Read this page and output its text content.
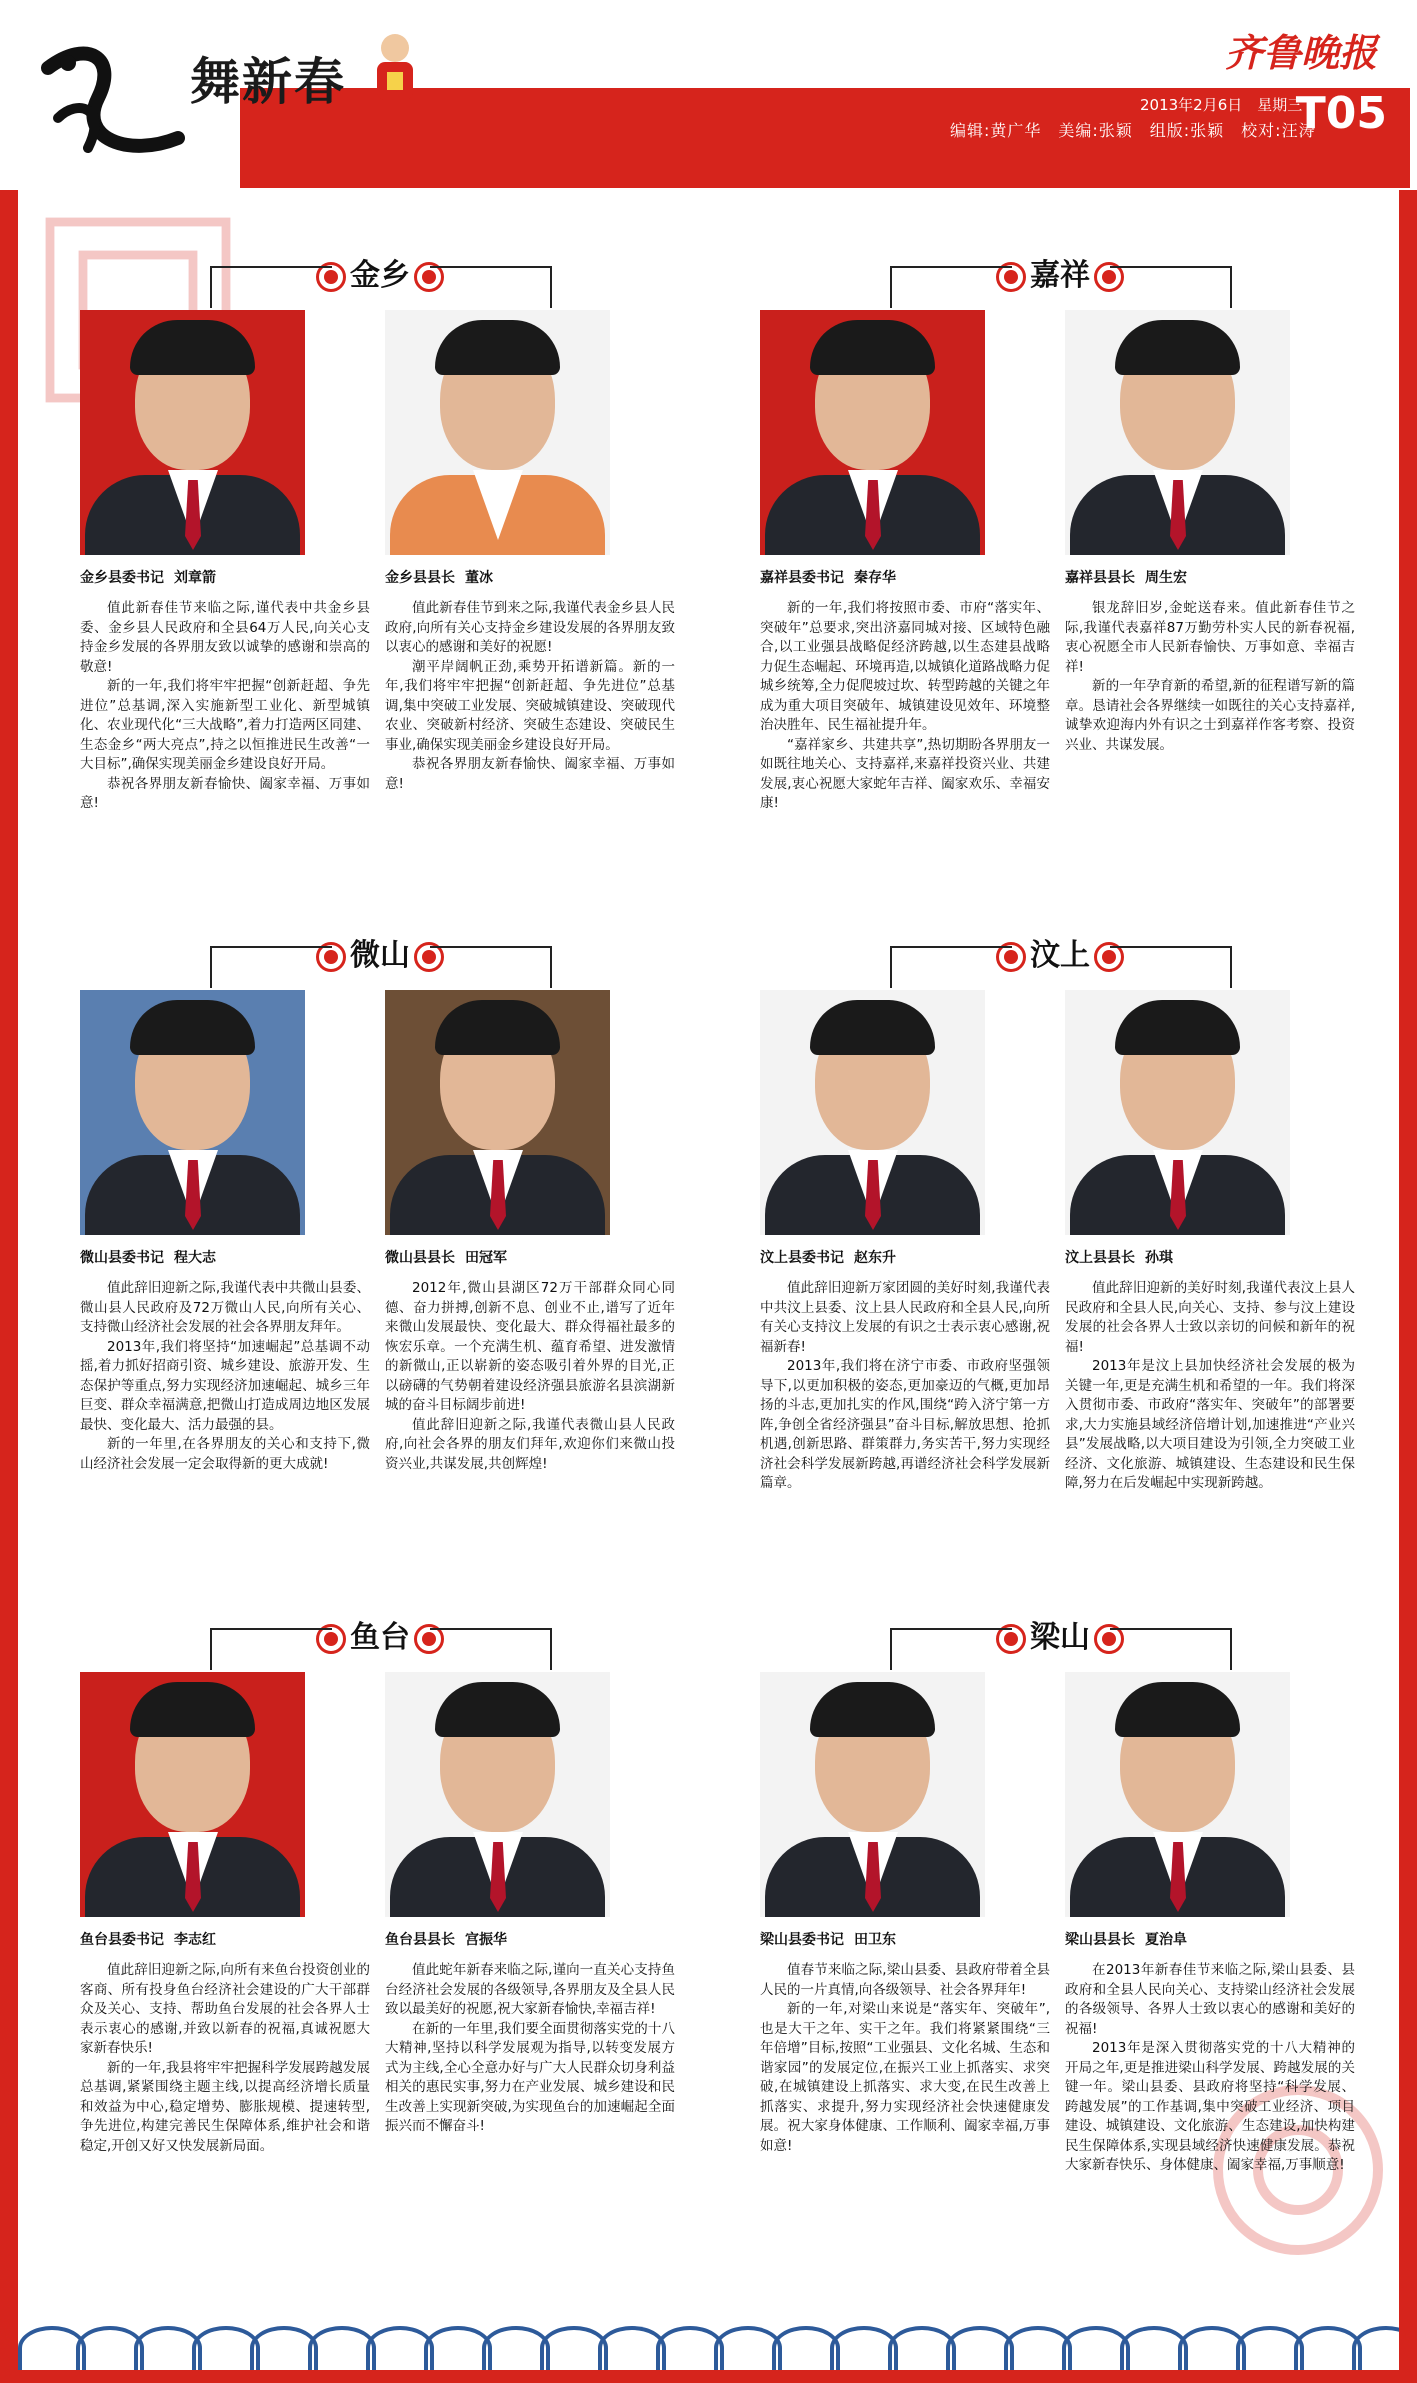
舞新春	齐鲁晚报
2013年2月6日　 星期三
T05
编辑:黄广华　美编:张颖　组版:张颖　校对:汪涛
金乡
金乡县委书记 刘章箭

值此新春佳节来临之际,谨代表中共金乡县委、金乡县人民政府和全县64万人民,向关心支持金乡发展的各界朋友致以诚挚的感谢和崇高的敬意!

新的一年,我们将牢牢把握“创新赶超、争先进位”总基调,深入实施新型工业化、新型城镇化、农业现代化“三大战略”,着力打造两区同建、生态金乡“两大亮点”,持之以恒推进民生改善“一大目标”,确保实现美丽金乡建设良好开局。

恭祝各界朋友新春愉快、阖家幸福、万事如意!

金乡县县长 董冰

值此新春佳节到来之际,我谨代表金乡县人民政府,向所有关心支持金乡建设发展的各界朋友致以衷心的感谢和美好的祝愿!

潮平岸阔帆正劲,乘势开拓谱新篇。新的一年,我们将牢牢把握“创新赶超、争先进位”总基调,集中突破工业发展、突破城镇建设、突破现代农业、突破新村经济、突破生态建设、突破民生事业,确保实现美丽金乡建设良好开局。

恭祝各界朋友新春愉快、阖家幸福、万事如意!

嘉祥
嘉祥县委书记 秦存华

新的一年,我们将按照市委、市府“落实年、突破年”总要求,突出济嘉同城对接、区域特色融合,以工业强县战略促经济跨越,以生态建县战略力促生态崛起、环境再造,以城镇化道路战略力促城乡统筹,全力促爬坡过坎、转型跨越的关键之年成为重大项目突破年、城镇建设见效年、环境整治决胜年、民生福祉提升年。

“嘉祥家乡、共建共享”,热切期盼各界朋友一如既往地关心、支持嘉祥,来嘉祥投资兴业、共建发展,衷心祝愿大家蛇年吉祥、阖家欢乐、幸福安康!

嘉祥县县长 周生宏

银龙辞旧岁,金蛇送春来。值此新春佳节之际,我谨代表嘉祥87万勤劳朴实人民的新春祝福,衷心祝愿全市人民新春愉快、万事如意、幸福吉祥!

新的一年孕育新的希望,新的征程谱写新的篇章。恳请社会各界继续一如既往的关心支持嘉祥,诚挚欢迎海内外有识之士到嘉祥作客考察、投资兴业、共谋发展。

微山
微山县委书记 程大志

值此辞旧迎新之际,我谨代表中共微山县委、微山县人民政府及72万微山人民,向所有关心、支持微山经济社会发展的社会各界朋友拜年。

2013年,我们将坚持“加速崛起”总基调不动摇,着力抓好招商引资、城乡建设、旅游开发、生态保护等重点,努力实现经济加速崛起、城乡三年巨变、群众幸福满意,把微山打造成周边地区发展最快、变化最大、活力最强的县。

新的一年里,在各界朋友的关心和支持下,微山经济社会发展一定会取得新的更大成就!

微山县县长 田冠军

2012年,微山县湖区72万干部群众同心同德、奋力拼搏,创新不息、创业不止,谱写了近年来微山发展最快、变化最大、群众得福社最多的恢宏乐章。一个充满生机、蕴育希望、进发激情的新微山,正以崭新的姿态吸引着外界的目光,正以磅礴的气势朝着建设经济强县旅游名县滨湖新城的奋斗目标阔步前进!

值此辞旧迎新之际,我谨代表微山县人民政府,向社会各界的朋友们拜年,欢迎你们来微山投资兴业,共谋发展,共创辉煌!

汶上
汶上县委书记 赵东升

值此辞旧迎新万家团圆的美好时刻,我谨代表中共汶上县委、汶上县人民政府和全县人民,向所有关心支持汶上发展的有识之士表示衷心感谢,祝福新春!

2013年,我们将在济宁市委、市政府坚强领导下,以更加积极的姿态,更加豪迈的气概,更加昂扬的斗志,更加扎实的作风,围绕“跨入济宁第一方阵,争创全省经济强县”奋斗目标,解放思想、抢抓机遇,创新思路、群策群力,务实苦干,努力实现经济社会科学发展新跨越,再谱经济社会科学发展新篇章。

汶上县县长 孙琪

值此辞旧迎新的美好时刻,我谨代表汶上县人民政府和全县人民,向关心、支持、参与汶上建设发展的社会各界人士致以亲切的问候和新年的祝福!

2013年是汶上县加快经济社会发展的极为关键一年,更是充满生机和希望的一年。我们将深入贯彻市委、市政府“落实年、突破年”的部署要求,大力实施县域经济倍增计划,加速推进“产业兴县”发展战略,以大项目建设为引领,全力突破工业经济、文化旅游、城镇建设、生态建设和民生保障,努力在后发崛起中实现新跨越。

鱼台
鱼台县委书记 李志红

值此辞旧迎新之际,向所有来鱼台投资创业的客商、所有投身鱼台经济社会建设的广大干部群众及关心、支持、帮助鱼台发展的社会各界人士表示衷心的感谢,并致以新春的祝福,真诚祝愿大家新春快乐!

新的一年,我县将牢牢把握科学发展跨越发展总基调,紧紧围绕主题主线,以提高经济增长质量和效益为中心,稳定增势、膨胀规模、提速转型,争先进位,构建完善民生保障体系,维护社会和谐稳定,开创又好又快发展新局面。

鱼台县县长 宫振华

值此蛇年新春来临之际,谨向一直关心支持鱼台经济社会发展的各级领导,各界朋友及全县人民致以最美好的祝愿,祝大家新春愉快,幸福吉祥!

在新的一年里,我们要全面贯彻落实党的十八大精神,坚持以科学发展观为指导,以转变发展方式为主线,全心全意办好与广大人民群众切身利益相关的惠民实事,努力在产业发展、城乡建设和民生改善上实现新突破,为实现鱼台的加速崛起全面振兴而不懈奋斗!

梁山
梁山县委书记 田卫东

值春节来临之际,梁山县委、县政府带着全县人民的一片真情,向各级领导、社会各界拜年!

新的一年,对梁山来说是“落实年、突破年”,也是大干之年、实干之年。我们将紧紧围绕“三年倍增”目标,按照“工业强县、文化名城、生态和谐家园”的发展定位,在振兴工业上抓落实、求突破,在城镇建设上抓落实、求大变,在民生改善上抓落实、求提升,努力实现经济社会快速健康发展。祝大家身体健康、工作顺利、阖家幸福,万事如意!

梁山县县长 夏治阜

在2013年新春佳节来临之际,梁山县委、县政府和全县人民向关心、支持梁山经济社会发展的各级领导、各界人士致以衷心的感谢和美好的祝福!

2013年是深入贯彻落实党的十八大精神的开局之年,更是推进梁山科学发展、跨越发展的关键一年。梁山县委、县政府将坚持“科学发展、跨越发展”的工作基调,集中突破工业经济、项目建设、城镇建设、文化旅游、生态建设,加快构建民生保障体系,实现县域经济快速健康发展。恭祝大家新春快乐、身体健康、阖家幸福,万事顺意!
